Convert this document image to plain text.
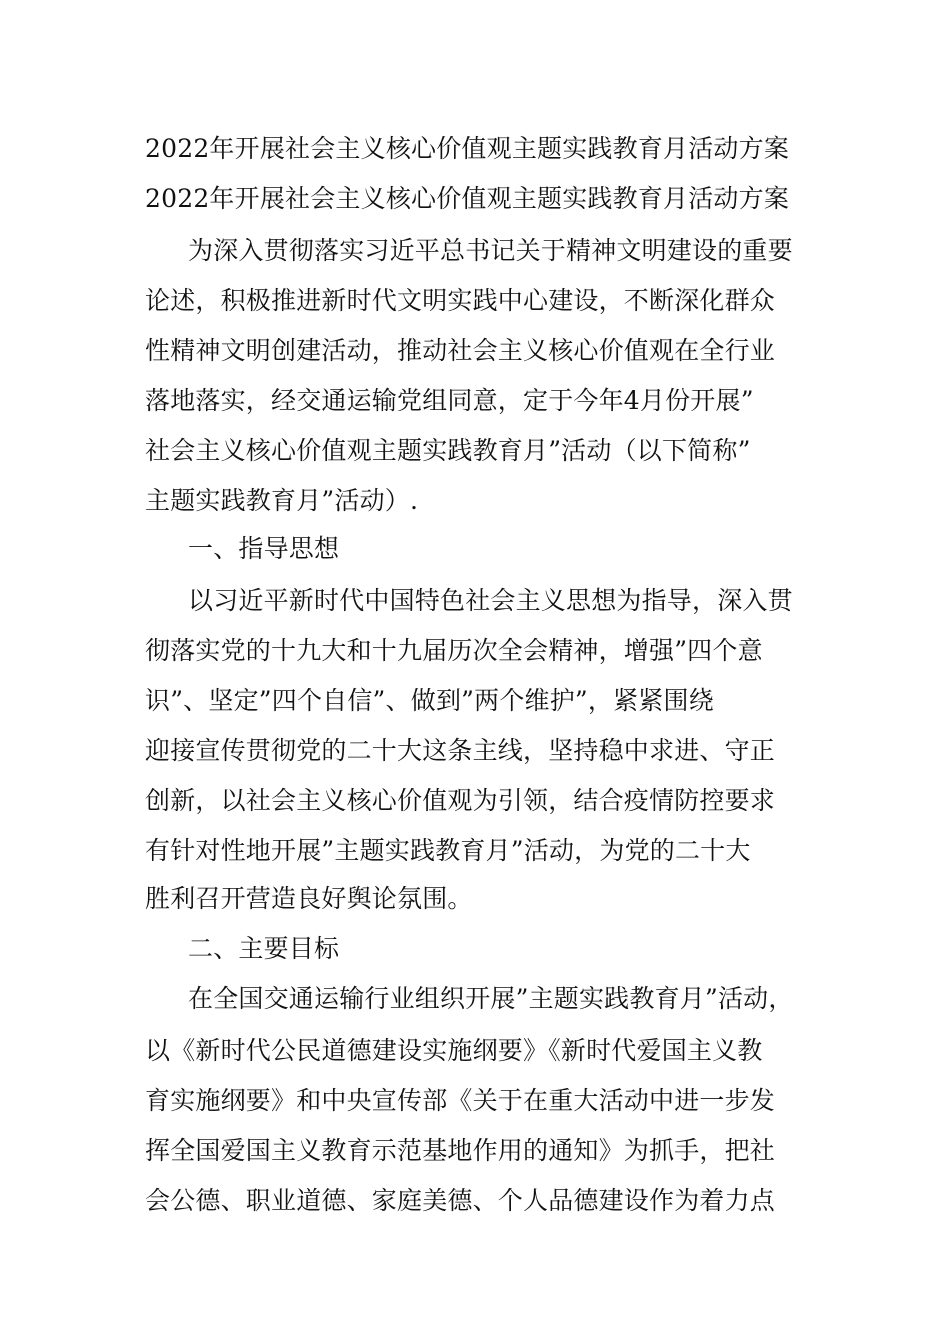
2022年开展社会主义核心价值观主题实践教育月活动方案
2022年开展社会主义核心价值观主题实践教育月活动方案
为深入贯彻落实习近平总书记关于精神文明建设的重要
论述，积极推进新时代文明实践中心建设，不断深化群众
性精神文明创建活动，推动社会主义核心价值观在全行业
落地落实，经交通运输党组同意，定于今年4月份开展”
社会主义核心价值观主题实践教育月”活动（以下简称”
主题实践教育月”活动）.
一、指导思想
以习近平新时代中国特色社会主义思想为指导，深入贯
彻落实党的十九大和十九届历次全会精神，增强”四个意
识”、坚定”四个自信”、做到”两个维护”，紧紧围绕
迎接宣传贯彻党的二十大这条主线，坚持稳中求进、守正
创新，以社会主义核心价值观为引领，结合疫情防控要求
有针对性地开展”主题实践教育月”活动，为党的二十大
胜利召开营造良好舆论氛围。
二、主要目标
在全国交通运输行业组织开展”主题实践教育月”活动，
以《新时代公民道德建设实施纲要》《新时代爱国主义教
育实施纲要》和中央宣传部《关于在重大活动中进一步发
挥全国爱国主义教育示范基地作用的通知》为抓手，把社
会公德、职业道德、家庭美德、个人品德建设作为着力点
